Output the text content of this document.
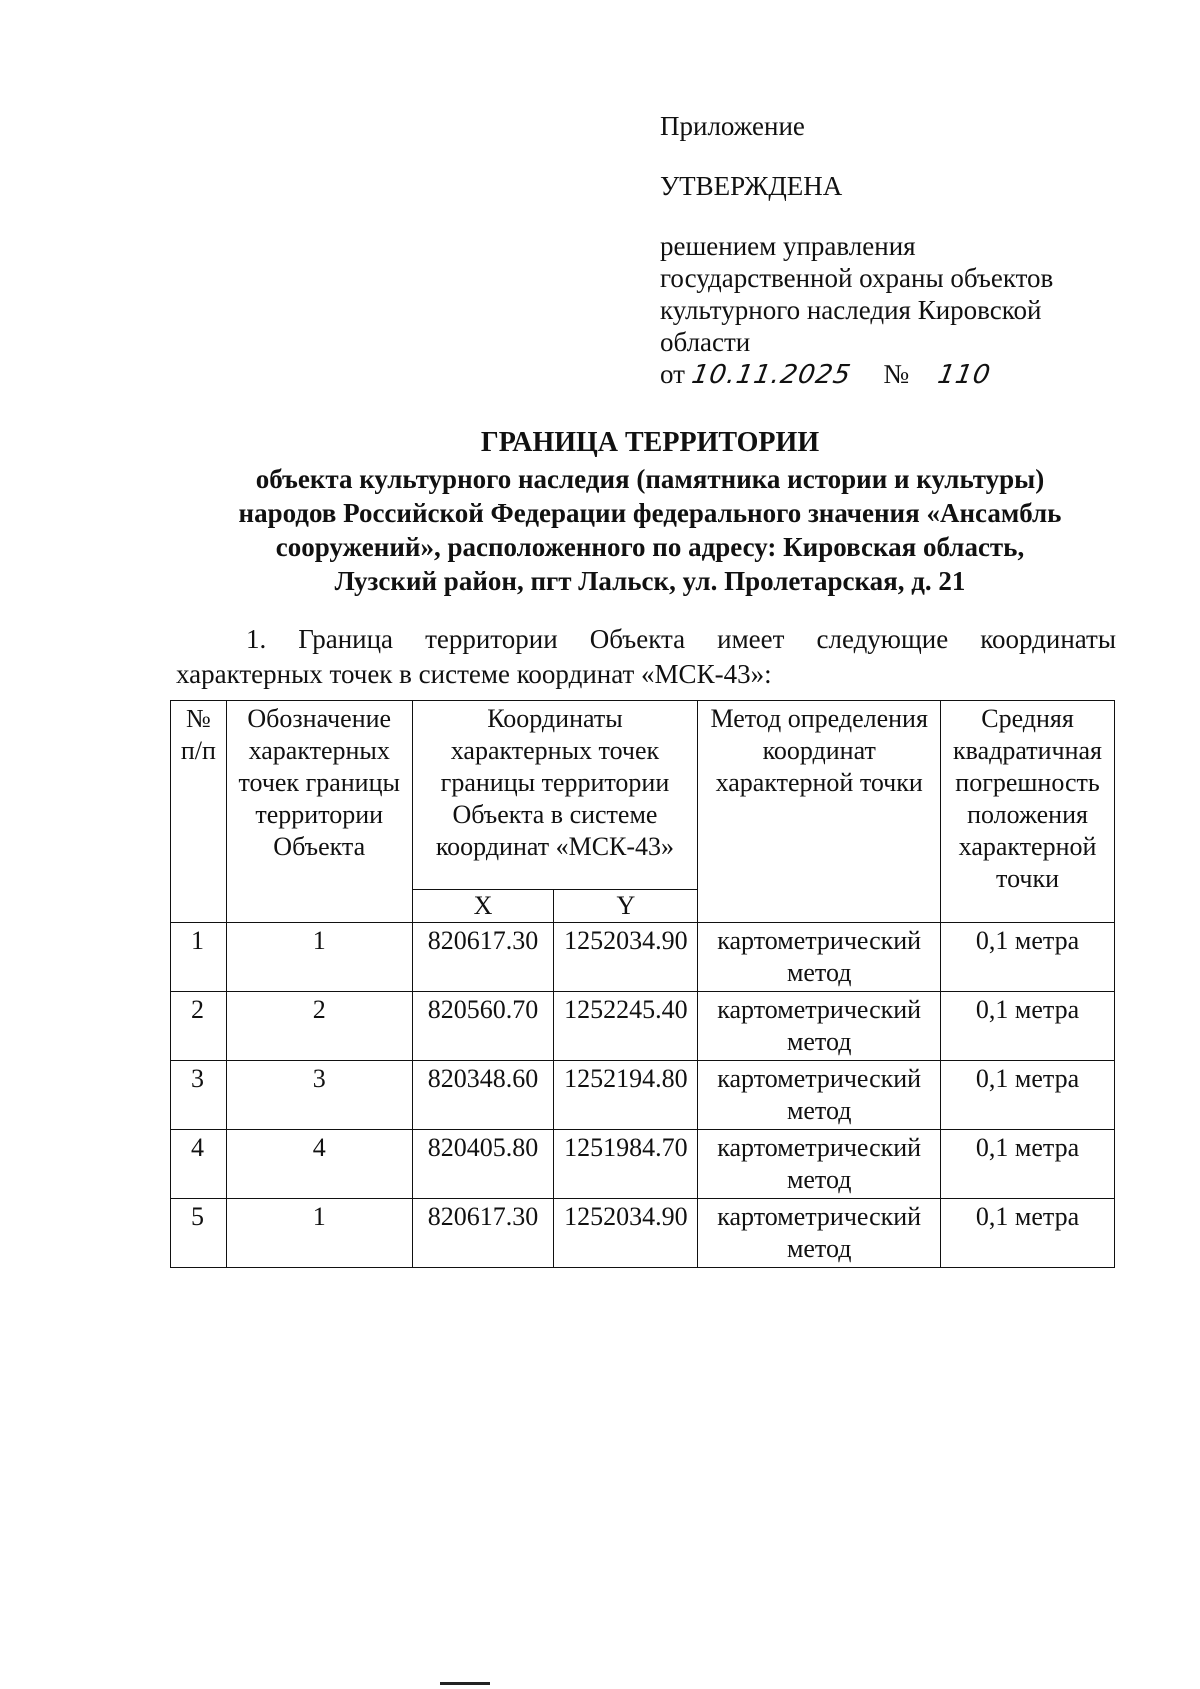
Приложение
УТВЕРЖДЕНА
решением управления
государственной охраны объектов
культурного наследия Кировской
области
от 10.11.2025 № 110
ГРАНИЦА ТЕРРИТОРИИ
объекта культурного наследия (памятника истории и культуры)
народов Российской Федерации федерального значения «Ансамбль
сооружений», расположенного по адресу: Кировская область,
Лузский район, пгт Лальск, ул. Пролетарская, д. 21
1. Граница территории Объекта имеет следующие координаты
характерных точек в системе координат «МСК-43»:
№ п/п	Обозначение характерных точек границы территории Объекта	Координаты характерных точек границы территории Объекта в системе координат «МСК-43»		Метод определения координат характерной точки	Средняя квадратичная погрешность положения характерной точки
		X	Y		
1	1	820617.30	1252034.90	картометрический метод	0,1 метра
2	2	820560.70	1252245.40	картометрический метод	0,1 метра
3	3	820348.60	1252194.80	картометрический метод	0,1 метра
4	4	820405.80	1251984.70	картометрический метод	0,1 метра
5	1	820617.30	1252034.90	картометрический метод	0,1 метра
